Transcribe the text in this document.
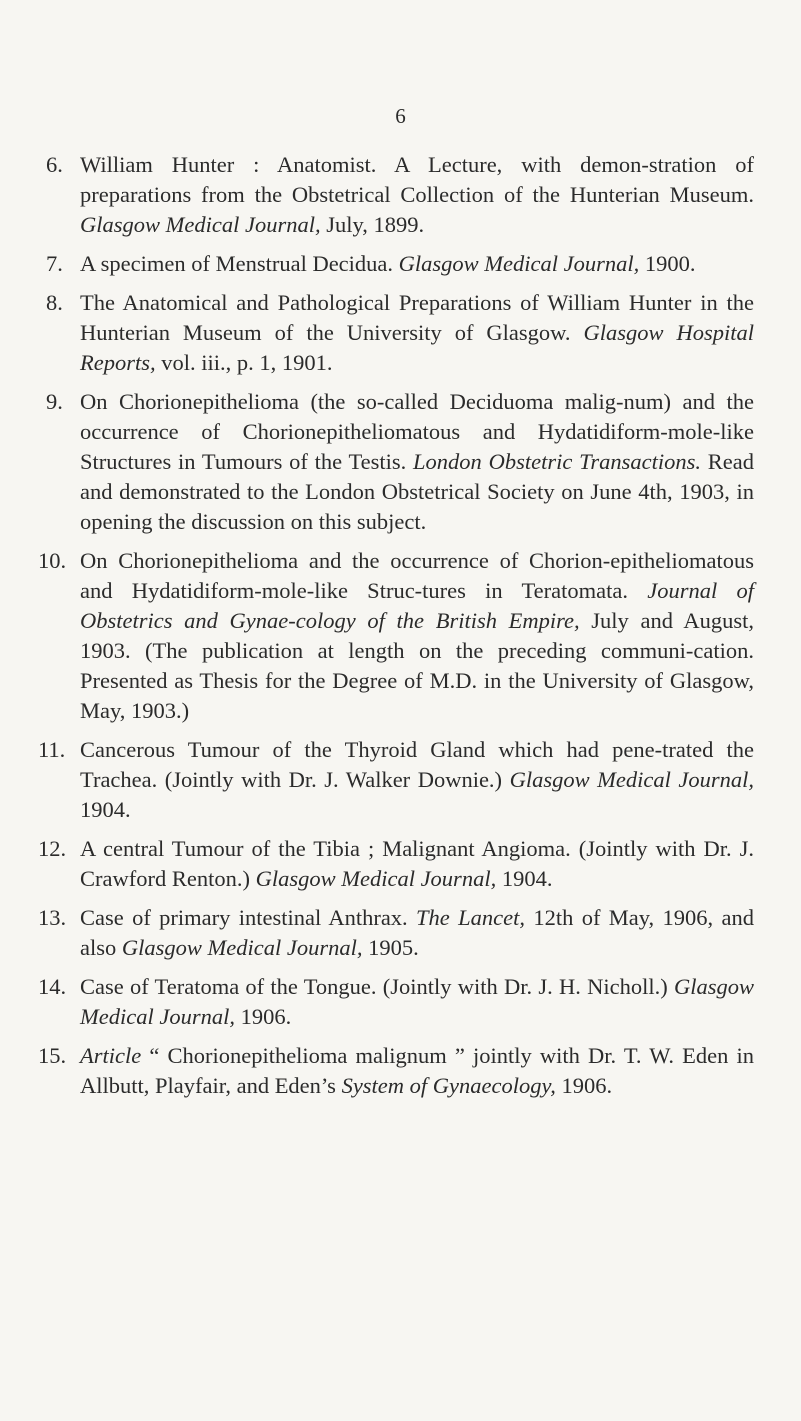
6
6. William Hunter : Anatomist. A Lecture, with demon-stration of preparations from the Obstetrical Collection of the Hunterian Museum. Glasgow Medical Journal, July, 1899.
7. A specimen of Menstrual Decidua. Glasgow Medical Journal, 1900.
8. The Anatomical and Pathological Preparations of William Hunter in the Hunterian Museum of the University of Glasgow. Glasgow Hospital Reports, vol. iii., p. 1, 1901.
9. On Chorionepithelioma (the so-called Deciduoma malig-num) and the occurrence of Chorionepitheliomatous and Hydatidiform-mole-like Structures in Tumours of the Testis. London Obstetric Transactions. Read and demonstrated to the London Obstetrical Society on June 4th, 1903, in opening the discussion on this subject.
10. On Chorionepithelioma and the occurrence of Chorion-epitheliomatous and Hydatidiform-mole-like Struc-tures in Teratomata. Journal of Obstetrics and Gynae-cology of the British Empire, July and August, 1903. (The publication at length on the preceding communi-cation. Presented as Thesis for the Degree of M.D. in the University of Glasgow, May, 1903.)
11. Cancerous Tumour of the Thyroid Gland which had pene-trated the Trachea. (Jointly with Dr. J. Walker Downie.) Glasgow Medical Journal, 1904.
12. A central Tumour of the Tibia ; Malignant Angioma. (Jointly with Dr. J. Crawford Renton.) Glasgow Medical Journal, 1904.
13. Case of primary intestinal Anthrax. The Lancet, 12th of May, 1906, and also Glasgow Medical Journal, 1905.
14. Case of Teratoma of the Tongue. (Jointly with Dr. J. H. Nicholl.) Glasgow Medical Journal, 1906.
15. Article “ Chorionepithelioma malignum ” jointly with Dr. T. W. Eden in Allbutt, Playfair, and Eden’s System of Gynaecology, 1906.
